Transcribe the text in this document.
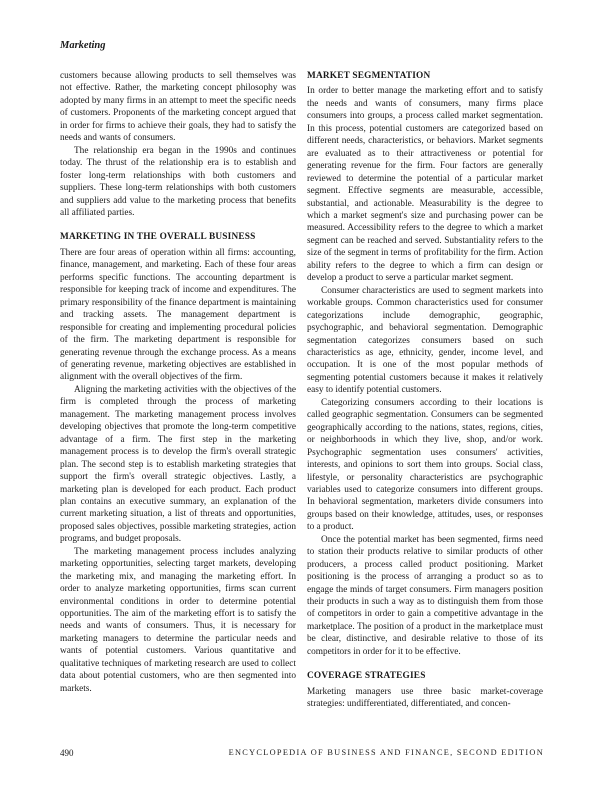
Marketing

customers because allowing products to sell themselves was not effective. Rather, the marketing concept philosophy was adopted by many firms in an attempt to meet the specific needs of customers. Proponents of the marketing concept argued that in order for firms to achieve their goals, they had to satisfy the needs and wants of consumers.

The relationship era began in the 1990s and continues today. The thrust of the relationship era is to establish and foster long-term relationships with both customers and suppliers. These long-term relationships with both customers and suppliers add value to the marketing process that benefits all affiliated parties.

MARKETING IN THE OVERALL BUSINESS

There are four areas of operation within all firms: accounting, finance, management, and marketing. Each of these four areas performs specific functions. The accounting department is responsible for keeping track of income and expenditures. The primary responsibility of the finance department is maintaining and tracking assets. The management department is responsible for creating and implementing procedural policies of the firm. The marketing department is responsible for generating revenue through the exchange process. As a means of generating revenue, marketing objectives are established in alignment with the overall objectives of the firm.

Aligning the marketing activities with the objectives of the firm is completed through the process of marketing management. The marketing management process involves developing objectives that promote the long-term competitive advantage of a firm. The first step in the marketing management process is to develop the firm's overall strategic plan. The second step is to establish marketing strategies that support the firm's overall strategic objectives. Lastly, a marketing plan is developed for each product. Each product plan contains an executive summary, an explanation of the current marketing situation, a list of threats and opportunities, proposed sales objectives, possible marketing strategies, action programs, and budget proposals.

The marketing management process includes analyzing marketing opportunities, selecting target markets, developing the marketing mix, and managing the marketing effort. In order to analyze marketing opportunities, firms scan current environmental conditions in order to determine potential opportunities. The aim of the marketing effort is to satisfy the needs and wants of consumers. Thus, it is necessary for marketing managers to determine the particular needs and wants of potential customers. Various quantitative and qualitative techniques of marketing research are used to collect data about potential customers, who are then segmented into markets.

MARKET SEGMENTATION

In order to better manage the marketing effort and to satisfy the needs and wants of consumers, many firms place consumers into groups, a process called market segmentation. In this process, potential customers are categorized based on different needs, characteristics, or behaviors. Market segments are evaluated as to their attractiveness or potential for generating revenue for the firm. Four factors are generally reviewed to determine the potential of a particular market segment. Effective segments are measurable, accessible, substantial, and actionable. Measurability is the degree to which a market segment's size and purchasing power can be measured. Accessibility refers to the degree to which a market segment can be reached and served. Substantiality refers to the size of the segment in terms of profitability for the firm. Action ability refers to the degree to which a firm can design or develop a product to serve a particular market segment.

Consumer characteristics are used to segment markets into workable groups. Common characteristics used for consumer categorizations include demographic, geographic, psychographic, and behavioral segmentation. Demographic segmentation categorizes consumers based on such characteristics as age, ethnicity, gender, income level, and occupation. It is one of the most popular methods of segmenting potential customers because it makes it relatively easy to identify potential customers.

Categorizing consumers according to their locations is called geographic segmentation. Consumers can be segmented geographically according to the nations, states, regions, cities, or neighborhoods in which they live, shop, and/or work. Psychographic segmentation uses consumers' activities, interests, and opinions to sort them into groups. Social class, lifestyle, or personality characteristics are psychographic variables used to categorize consumers into different groups. In behavioral segmentation, marketers divide consumers into groups based on their knowledge, attitudes, uses, or responses to a product.

Once the potential market has been segmented, firms need to station their products relative to similar products of other producers, a process called product positioning. Market positioning is the process of arranging a product so as to engage the minds of target consumers. Firm managers position their products in such a way as to distinguish them from those of competitors in order to gain a competitive advantage in the marketplace. The position of a product in the marketplace must be clear, distinctive, and desirable relative to those of its competitors in order for it to be effective.

COVERAGE STRATEGIES

Marketing managers use three basic market-coverage strategies: undifferentiated, differentiated, and concen-

490	ENCYCLOPEDIA OF BUSINESS AND FINANCE, SECOND EDITION
